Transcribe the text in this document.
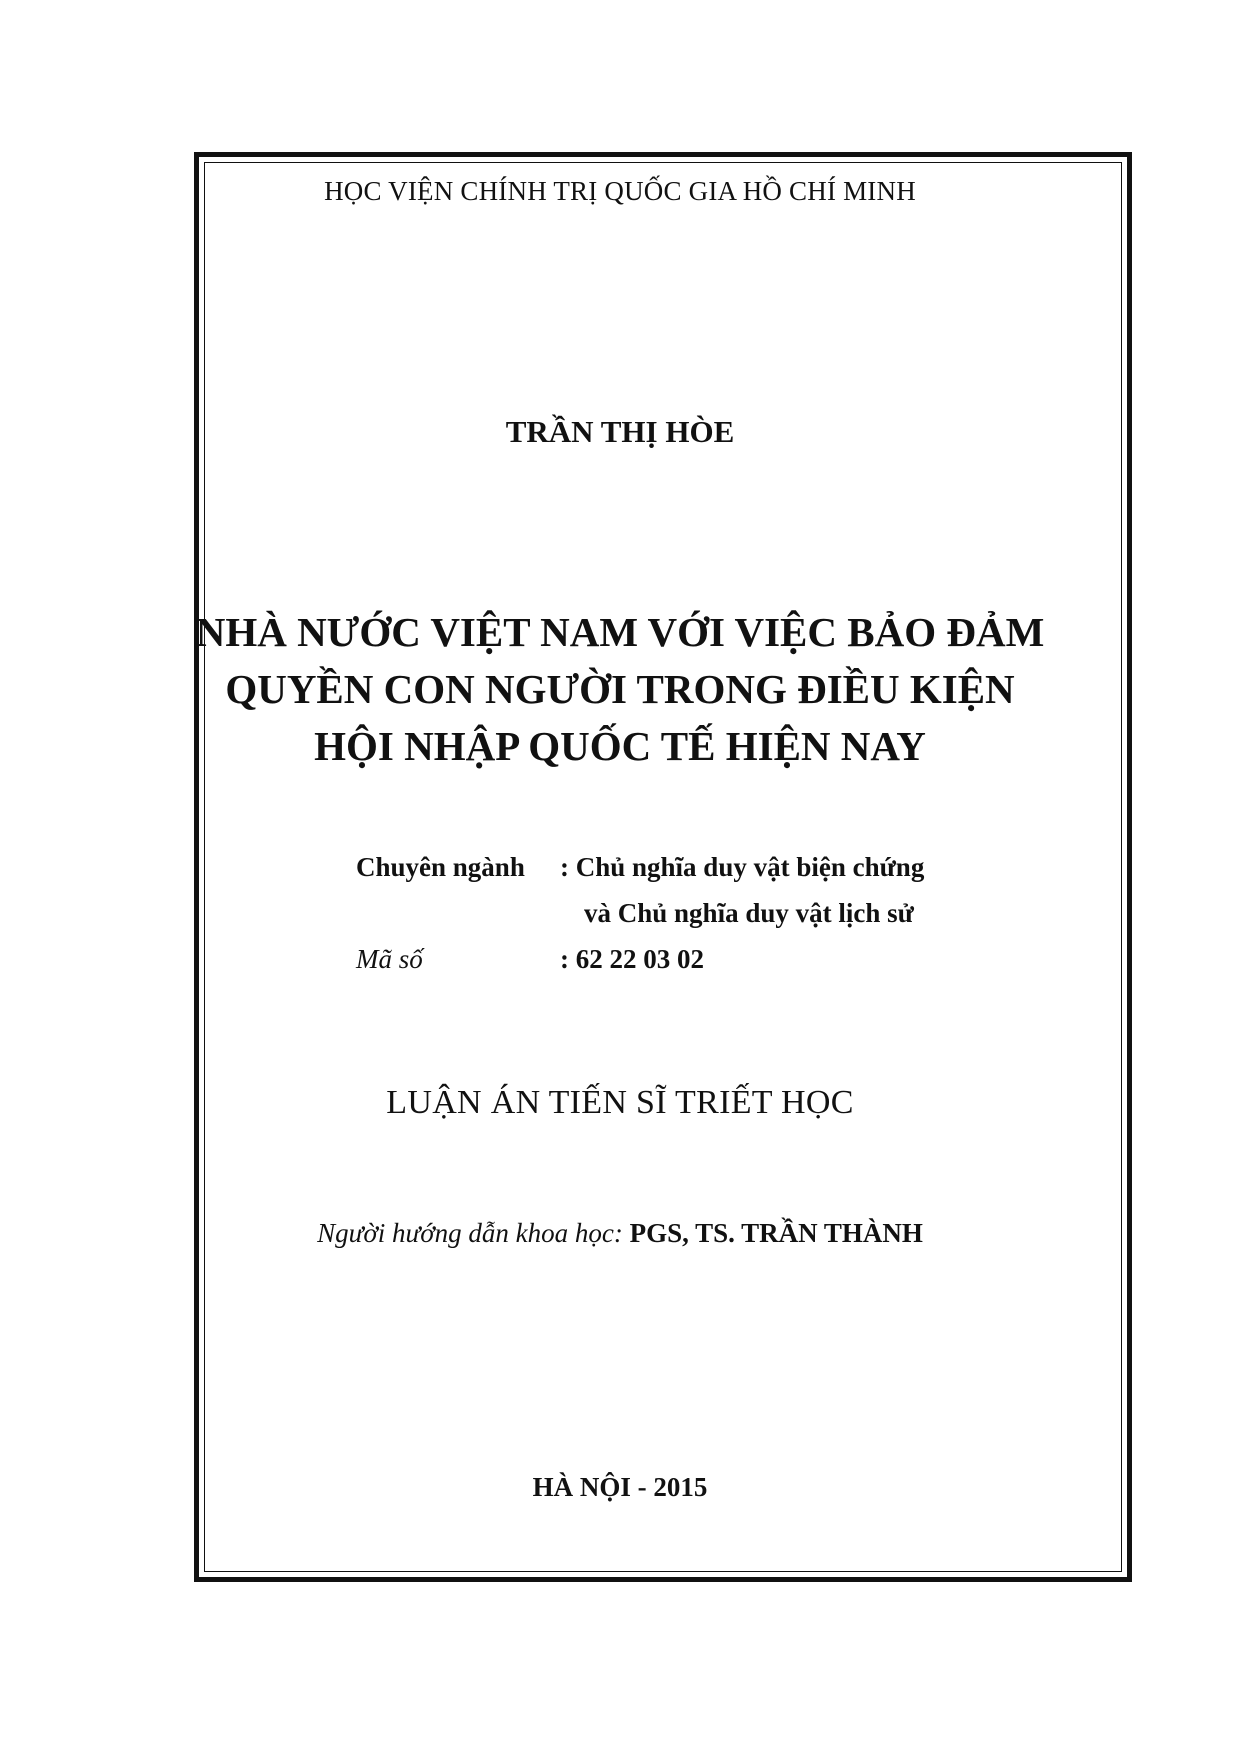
HỌC VIỆN CHÍNH TRỊ QUỐC GIA HỒ CHÍ MINH
TRẦN THỊ HÒE
NHÀ NƯỚC VIỆT NAM VỚI VIỆC BẢO ĐẢM
QUYỀN CON NGƯỜI TRONG ĐIỀU KIỆN
HỘI NHẬP QUỐC TẾ HIỆN NAY
Chuyên ngành : Chủ nghĩa duy vật biện chứng
và Chủ nghĩa duy vật lịch sử
Mã số	: 62 22 03 02
LUẬN ÁN TIẾN SĨ TRIẾT HỌC
Người hướng dẫn khoa học: PGS, TS. TRẦN THÀNH
HÀ NỘI - 2015
